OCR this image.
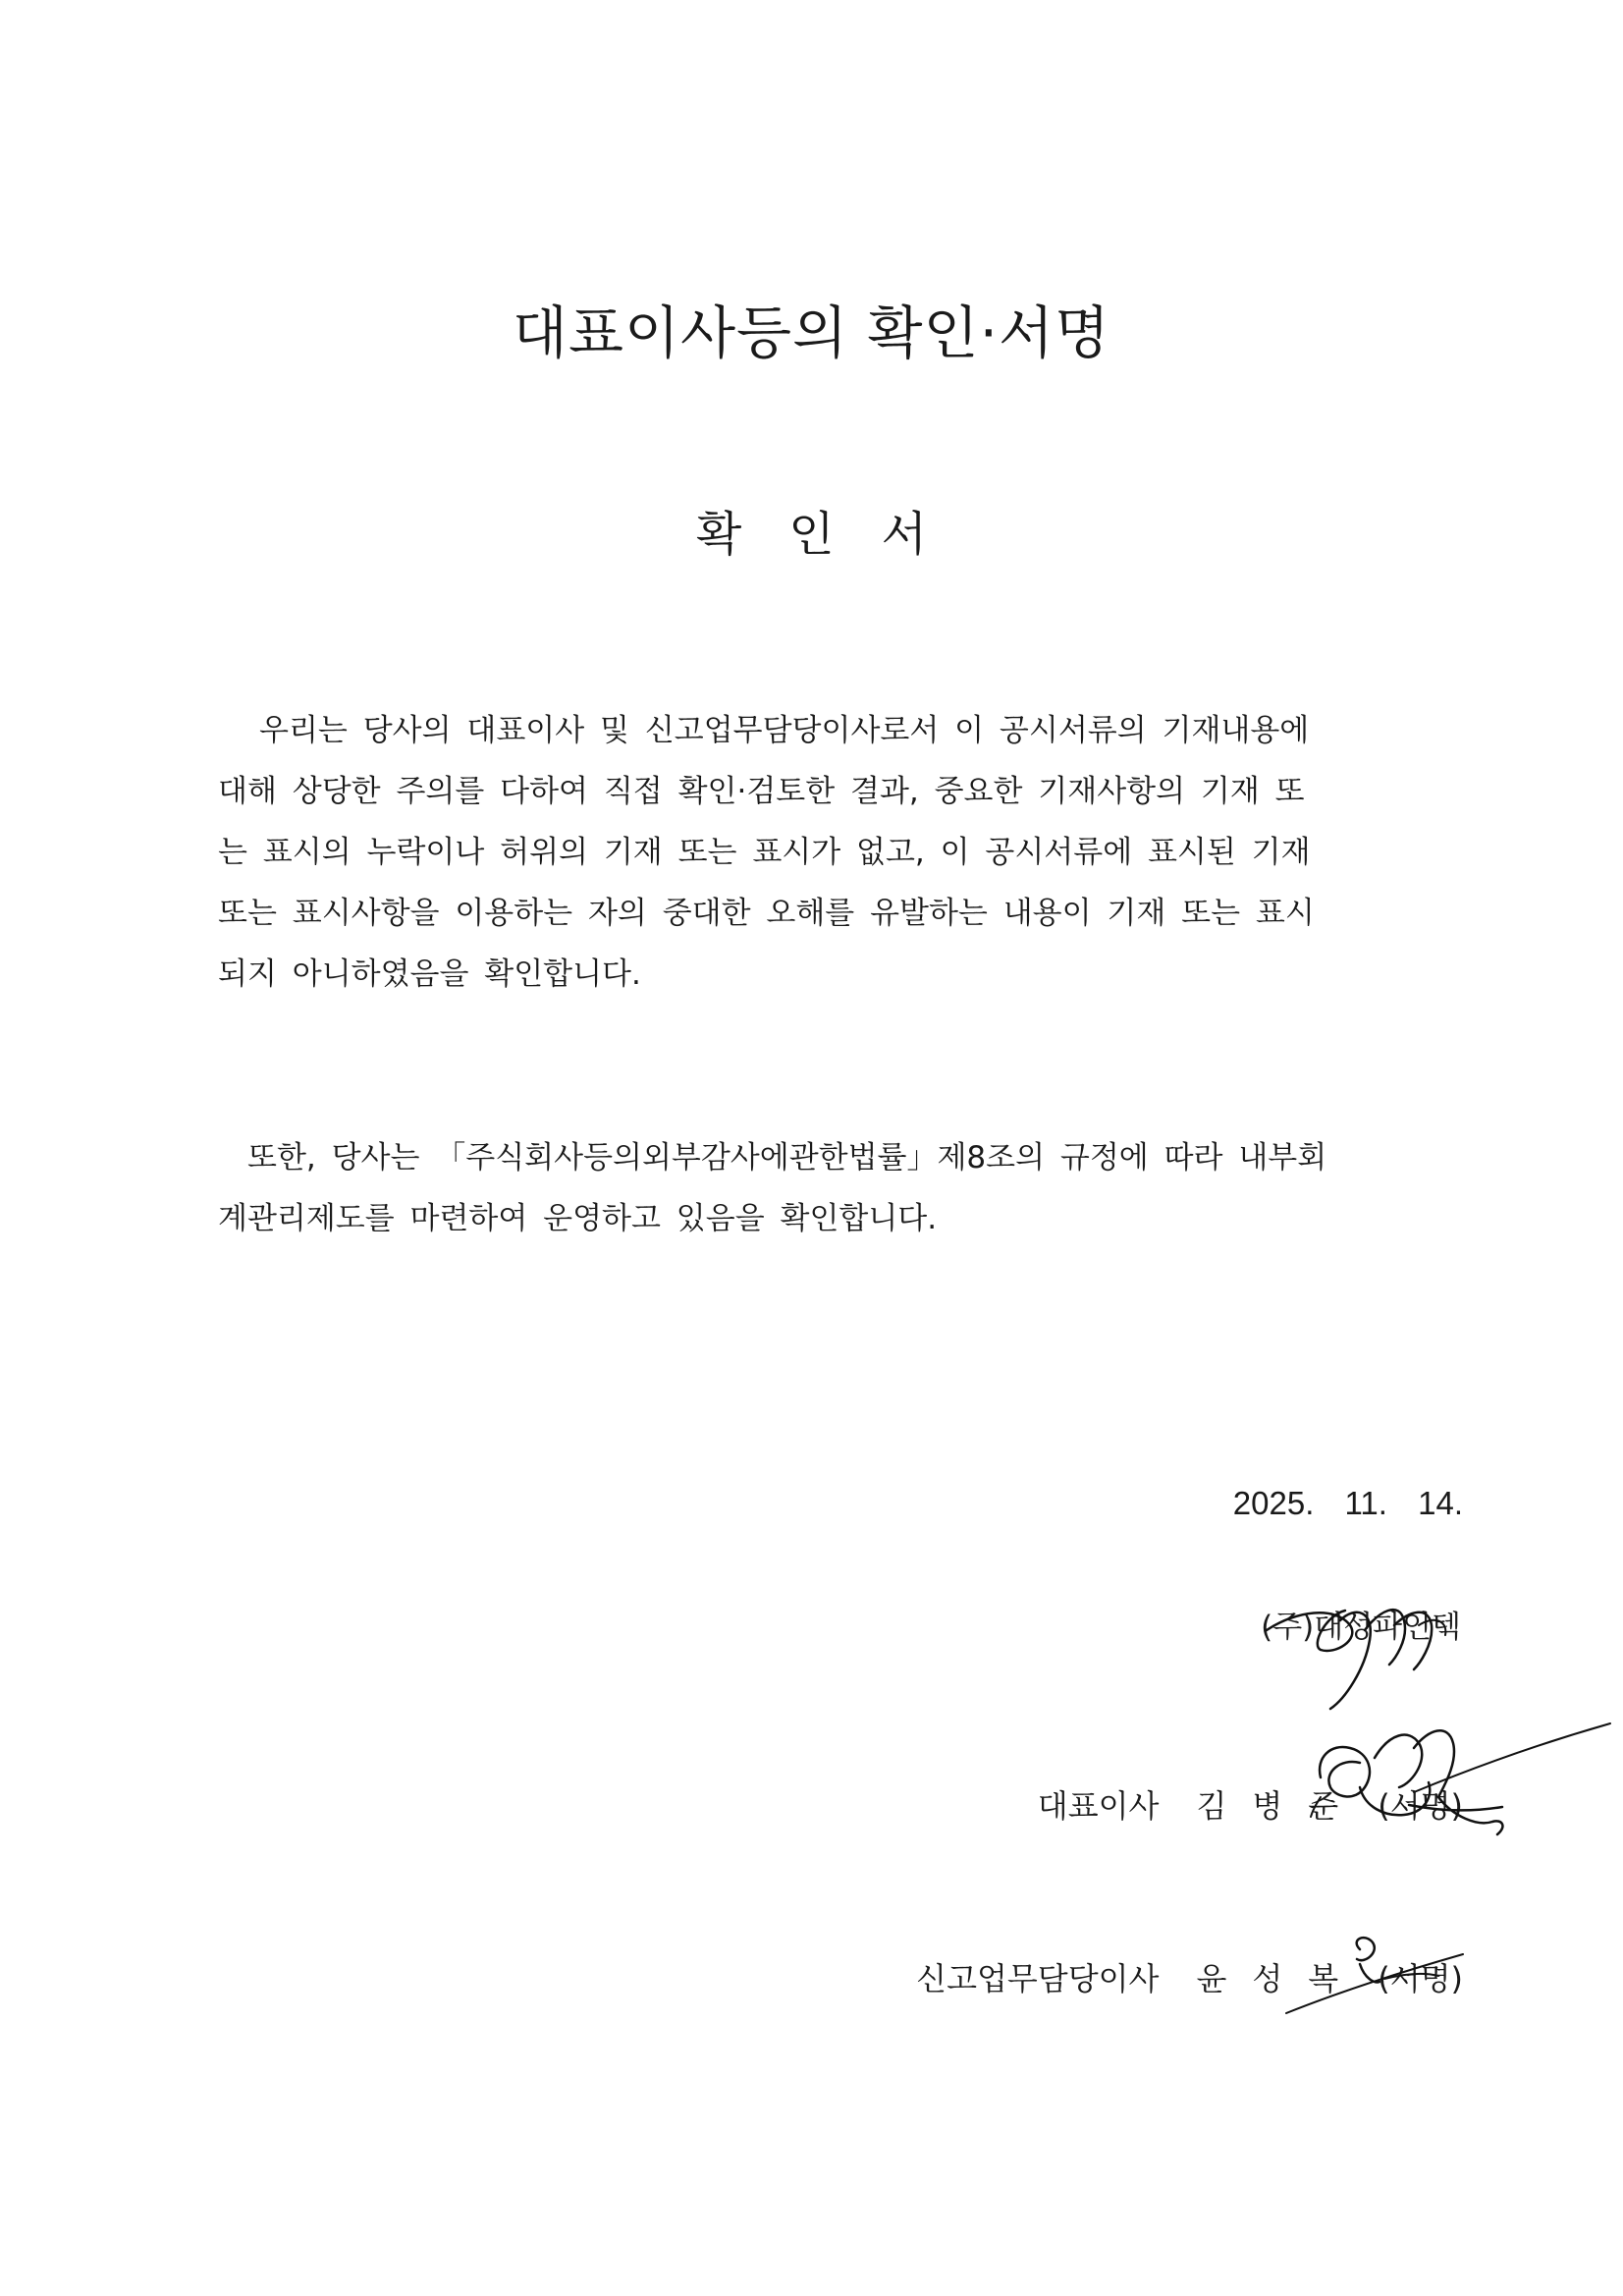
대표이사등의 확인·서명
확인서
우리는 당사의 대표이사 및 신고업무담당이사로서 이 공시서류의 기재내용에
대해 상당한 주의를 다하여 직접 확인·검토한 결과, 중요한 기재사항의 기재 또
는 표시의 누락이나 허위의 기재 또는 표시가 없고, 이 공시서류에 표시된 기재
또는 표시사항을 이용하는 자의 중대한 오해를 유발하는 내용이 기재 또는 표시
되지 아니하였음을 확인합니다.
또한, 당사는 「주식회사등의외부감사에관한법률」제8조의 규정에 따라 내부회
계관리제도를 마련하여 운영하고 있음을 확인합니다.
2025. 11. 14.
(주)대성파인텍
대표이사 김병준 (서명)
신고업무담당이사 윤성복 (서명)
